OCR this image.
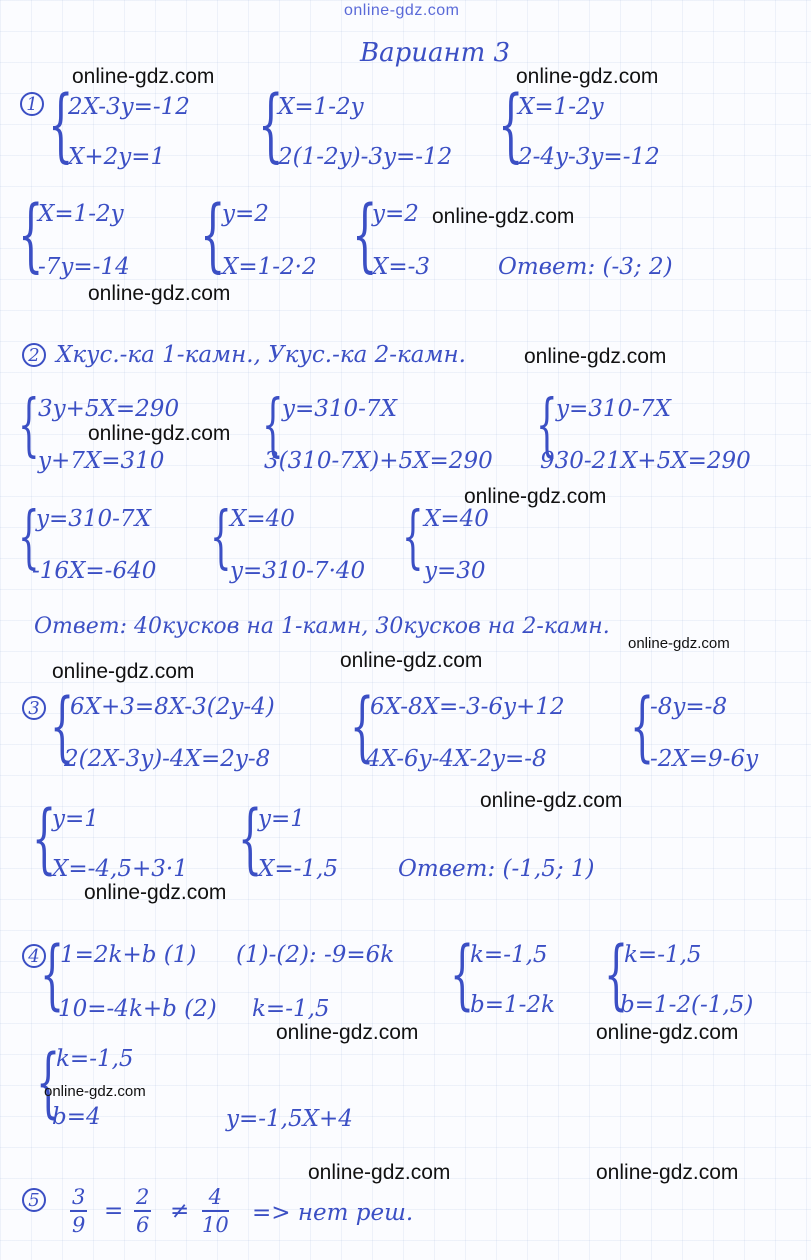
online-gdz.com
Вариант 3
1 {
2X-3y=-12
X+2y=1 {
X=1-2y
2(1-2y)-3y=-12 {
X=1-2y
2-4y-3y=-12
{
X=1-2y
-7y=-14 {
y=2
X=1-2·2 {
y=2
X=-3	Ответ: (-3; 2)
2 Хкус.-ка 1-камн., Укус.-ка 2-камн.
{
3y+5X=290
y+7X=310	{
y=310-7X
3(310-7X)+5X=290 {
y=310-7X
930-21X+5X=290
{
y=310-7X
-16X=-640 {
X=40
y=310-7·40 { X=40
y=30
Ответ: 40кусков на 1-камн, 30кусков на 2-камн.
3 {
6X+3=8X-3(2y-4)
2(2X-3y)-4X=2y-8 {
6X-8X=-3-6y+12
4X-6y-4X-2y=-8 {
-8y=-8
-2X=9-6y
{
y=1
X=-4,5+3·1 {
y=1
X=-1,5	Ответ: (-1,5; 1)
4 {
1=2k+b (1)
10=-4k+b (2)
(1)-(2): -9=6k
k=-1,5	{
k=-1,5
b=1-2k {
k=-1,5
b=1-2(-1,5)
{
k=-1,5
b=4	y=-1,5X+4
$5 \frac{3}{9} = \frac{2}{6} \ne \frac{4}{10}$ => нет реш.
online-gdz.com	online-gdz.com
online-gdz.com
online-gdz.com
online-gdz.com
online-gdz.com
online-gdz.com
online-gdz.com
online-gdz.com	online-gdz.com
online-gdz.com
online-gdz.com
online-gdz.com	online-gdz.com
online-gdz.com
online-gdz.com	online-gdz.com
